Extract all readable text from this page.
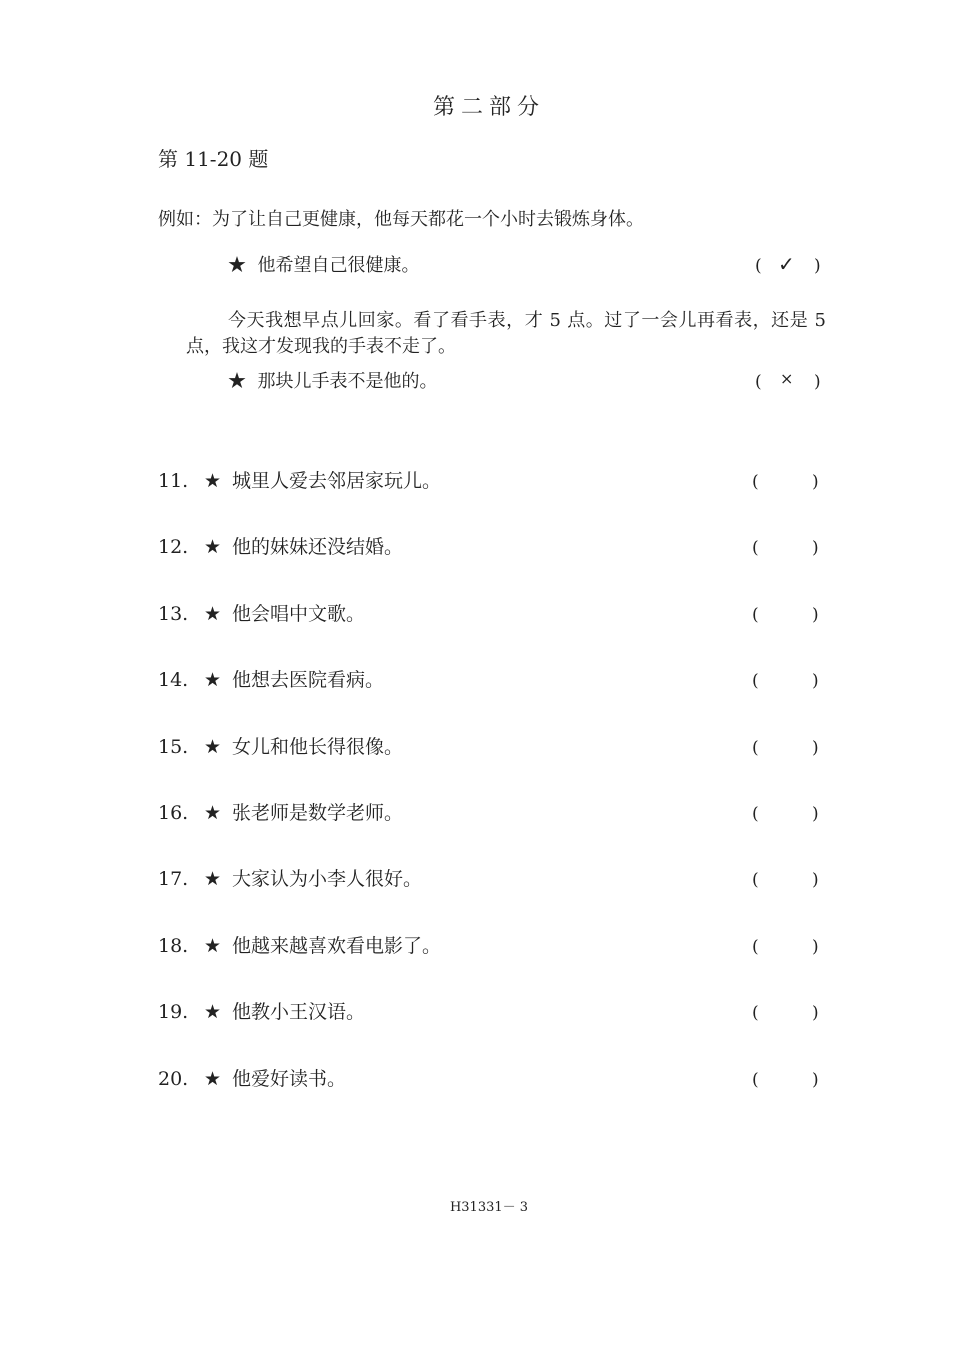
第二部分
第 11-20 题
例如：为了让自己更健康，他每天都花一个小时去锻炼身体。
★ 他希望自己很健康。	( ✓ )
今天我想早点儿回家。看了看手表，才 5 点。过了一会儿再看表，还是 5 点，我这才发现我的手表不走了。
★ 那块儿手表不是他的。	( × )
11. ★ 城里人爱去邻居家玩儿。	(	)
12. ★ 他的妹妹还没结婚。	(	)
13. ★ 他会唱中文歌。	(	)
14. ★ 他想去医院看病。	(	)
15. ★ 女儿和他长得很像。	(	)
16. ★ 张老师是数学老师。	(	)
17. ★ 大家认为小李人很好。	(	)
18. ★ 他越来越喜欢看电影了。	(	)
19. ★ 他教小王汉语。	(	)
20. ★ 他爱好读书。	(	)
H31331－ 3
